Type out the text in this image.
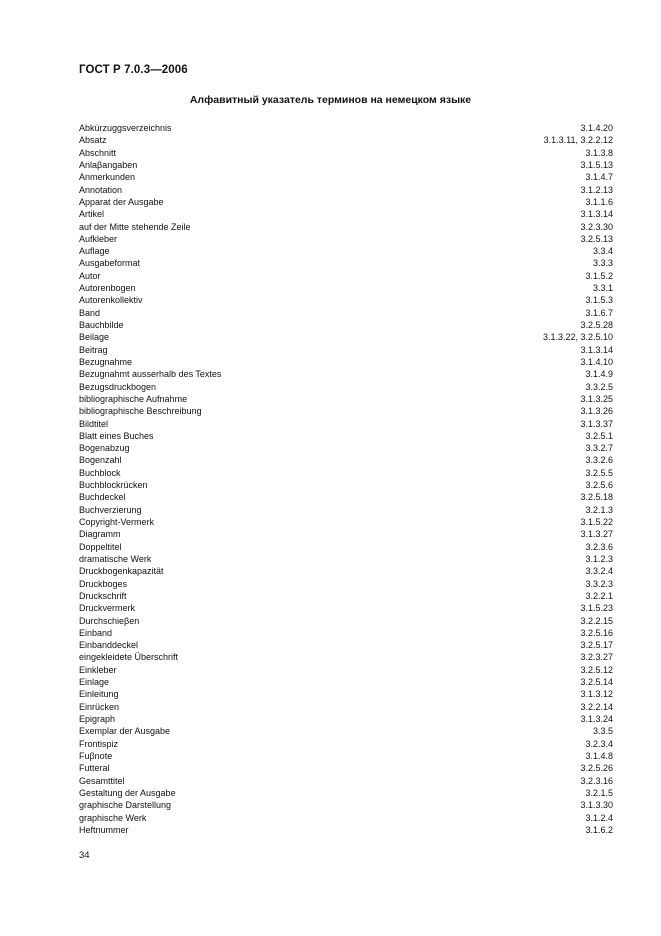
ГОСТ Р 7.0.3—2006
Алфавитный указатель терминов на немецком языке
Abkürzuggsverzeichnis	3.1.4.20
Absatz	3.1.3.11, 3.2.2.12
Abschnitt	3.1.3.8
Anlaβangaben	3.1.5.13
Anmerkunden	3.1.4.7
Annotation	3.1.2.13
Apparat der Ausgabe	3.1.1.6
Artikel	3.1.3.14
auf der Mitte stehende Zeile	3.2.3.30
Aufkleber	3.2.5.13
Auflage	3.3.4
Ausgabeformat	3.3.3
Autor	3.1.5.2
Autorenbogen	3.3.1
Autorenkollektiv	3.1.5.3
Band	3.1.6.7
Bauchbilde	3.2.5.28
Beilage	3.1.3.22, 3.2.5.10
Beitrag	3.1.3.14
Bezugnahme	3.1.4.10
Bezugnahmt ausserhalb des Textes	3.1.4.9
Bezugsdruckbogen	3.3.2.5
bibliographische Aufnahme	3.1.3.25
bibliographische Beschreibung	3.1.3.26
Bildtitel	3.1.3.37
Blatt eines Buches	3.2.5.1
Bogenabzug	3.3.2.7
Bogenzahl	3.3.2.6
Buchblock	3.2.5.5
Buchblockrücken	3.2.5.6
Buchdeckel	3.2.5.18
Buchverzierung	3.2.1.3
Copyright-Vermerk	3.1.5.22
Diagramm	3.1.3.27
Doppeltitel	3.2.3.6
dramatische Werk	3.1.2.3
Druckbogenkapazität	3.3.2.4
Druckboges	3.3.2.3
Druckschrift	3.2.2.1
Druckvermerk	3.1.5.23
Durchschieβen	3.2.2.15
Einband	3.2.5.16
Einbanddeckel	3.2.5.17
eingekleidete Überschrift	3.2.3.27
Einkleber	3.2.5.12
Einlage	3.2.5.14
Einleitung	3.1.3.12
Einrücken	3.2.2.14
Epigraph	3.1.3.24
Exemplar der Ausgabe	3.3.5
Frontispiz	3.2.3.4
Fuβnote	3.1.4.8
Futteral	3.2.5.26
Gesamttitel	3.2.3.16
Gestaltung der Ausgabe	3.2.1.5
graphische Darstellung	3.1.3.30
graphische Werk	3.1.2.4
Heftnummer	3.1.6.2
34
